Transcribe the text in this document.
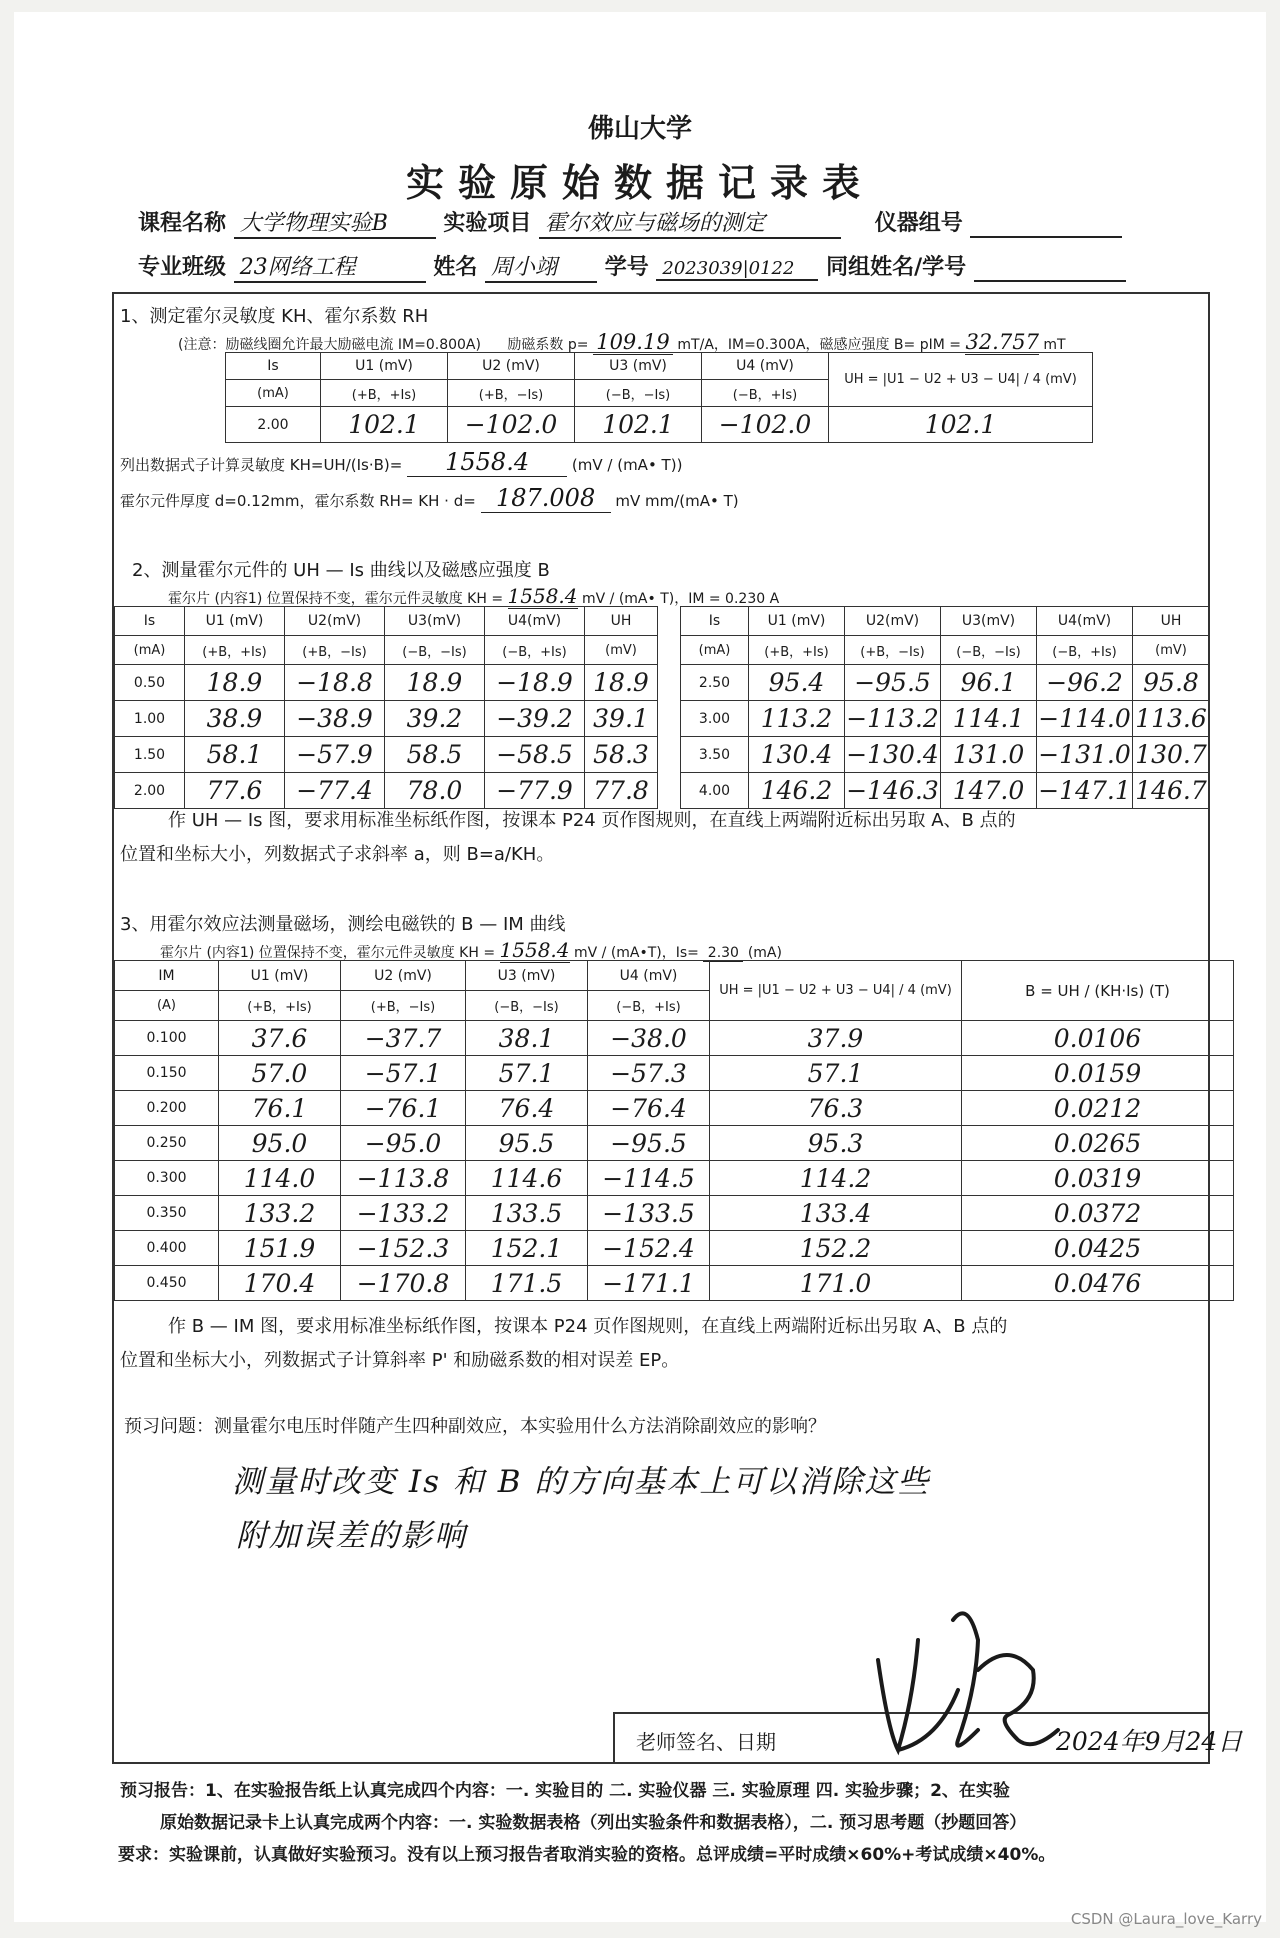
佛山大学
实验原始数据记录表
课程名称 大学物理实验B	实验项目 霍尔效应与磁场的测定	仪器组号
专业班级 23网络工程	姓名 周小翊 学号 2023039|0122 同组姓名/学号
1、测定霍尔灵敏度 KH、霍尔系数 RH
(注意：励磁线圈允许最大励磁电流 IM=0.800A) 励磁系数 p= 109.19 mT/A，IM=0.300A，磁感应强度 B= pIM = 32.757 mT
Is	U1 (mV)	U2 (mV)	U3 (mV)	U4 (mV)	UH = |U1 − U2 + U3 − U4| / 4 (mV)
(mA)	(+B，+Is)	(+B，−Is)	(−B，−Is)	(−B，+Is)	
2.00	102.1	−102.0	102.1	−102.0	102.1
列出数据式子计算灵敏度 KH=UH/(Is·B)= 1558.4	(mV / (mA• T))
霍尔元件厚度 d=0.12mm，霍尔系数 RH= KH · d= 187.008 mV mm/(mA• T)
2、测量霍尔元件的 UH — Is 曲线以及磁感应强度 B
霍尔片 (内容1) 位置保持不变，霍尔元件灵敏度 KH = 1558.4 mV / (mA• T)，IM = 0.230 A
Is	U1 (mV)	U2(mV)	U3(mV)	U4(mV)	UH
(mA)	(+B，+Is)	(+B，−Is)	(−B，−Is)	(−B，+Is)	(mV)
0.50	18.9	−18.8	18.9	−18.9	18.9
1.00	38.9	−38.9	39.2	−39.2	39.1
1.50	58.1	−57.9	58.5	−58.5	58.3
2.00	77.6	−77.4	78.0	−77.9	77.8
Is	U1 (mV)	U2(mV)	U3(mV)	U4(mV)	UH
(mA)	(+B，+Is)	(+B，−Is)	(−B，−Is)	(−B，+Is)	(mV)
2.50	95.4	−95.5	96.1	−96.2	95.8
3.00	113.2	−113.2	114.1	−114.0	113.6
3.50	130.4	−130.4	131.0	−131.0	130.7
4.00	146.2	−146.3	147.0	−147.1	146.7
作 UH — Is 图，要求用标准坐标纸作图，按课本 P24 页作图规则，在直线上两端附近标出另取 A、B 点的
位置和坐标大小，列数据式子求斜率 a，则 B=a/KH。
3、用霍尔效应法测量磁场，测绘电磁铁的 B — IM 曲线
霍尔片 (内容1) 位置保持不变，霍尔元件灵敏度 KH = 1558.4 mV / (mA•T)，Is= 2.30 (mA)
IM	U1 (mV)	U2 (mV)	U3 (mV)	U4 (mV)	UH = |U1 − U2 + U3 − U4| / 4 (mV)	B = UH / (KH·Is) (T)
(A)	(+B，+Is)	(+B，−Is)	(−B，−Is)	(−B，+Is)		
0.100	37.6	−37.7	38.1	−38.0	37.9	0.0106
0.150	57.0	−57.1	57.1	−57.3	57.1	0.0159
0.200	76.1	−76.1	76.4	−76.4	76.3	0.0212
0.250	95.0	−95.0	95.5	−95.5	95.3	0.0265
0.300	114.0	−113.8	114.6	−114.5	114.2	0.0319
0.350	133.2	−133.2	133.5	−133.5	133.4	0.0372
0.400	151.9	−152.3	152.1	−152.4	152.2	0.0425
0.450	170.4	−170.8	171.5	−171.1	171.0	0.0476
作 B — IM 图，要求用标准坐标纸作图，按课本 P24 页作图规则，在直线上两端附近标出另取 A、B 点的
位置和坐标大小，列数据式子计算斜率 P' 和励磁系数的相对误差 EP。
预习问题：测量霍尔电压时伴随产生四种副效应，本实验用什么方法消除副效应的影响？
测量时改变 Is 和 B 的方向基本上可以消除这些
附加误差的影响
老师签名、日期	2024年9月24日
预习报告：1、在实验报告纸上认真完成四个内容：一. 实验目的 二. 实验仪器 三. 实验原理 四. 实验步骤；2、在实验
原始数据记录卡上认真完成两个内容：一. 实验数据表格（列出实验条件和数据表格），二. 预习思考题（抄题回答）
要求：实验课前，认真做好实验预习。没有以上预习报告者取消实验的资格。总评成绩=平时成绩×60%+考试成绩×40%。
CSDN @Laura_love_Karry
